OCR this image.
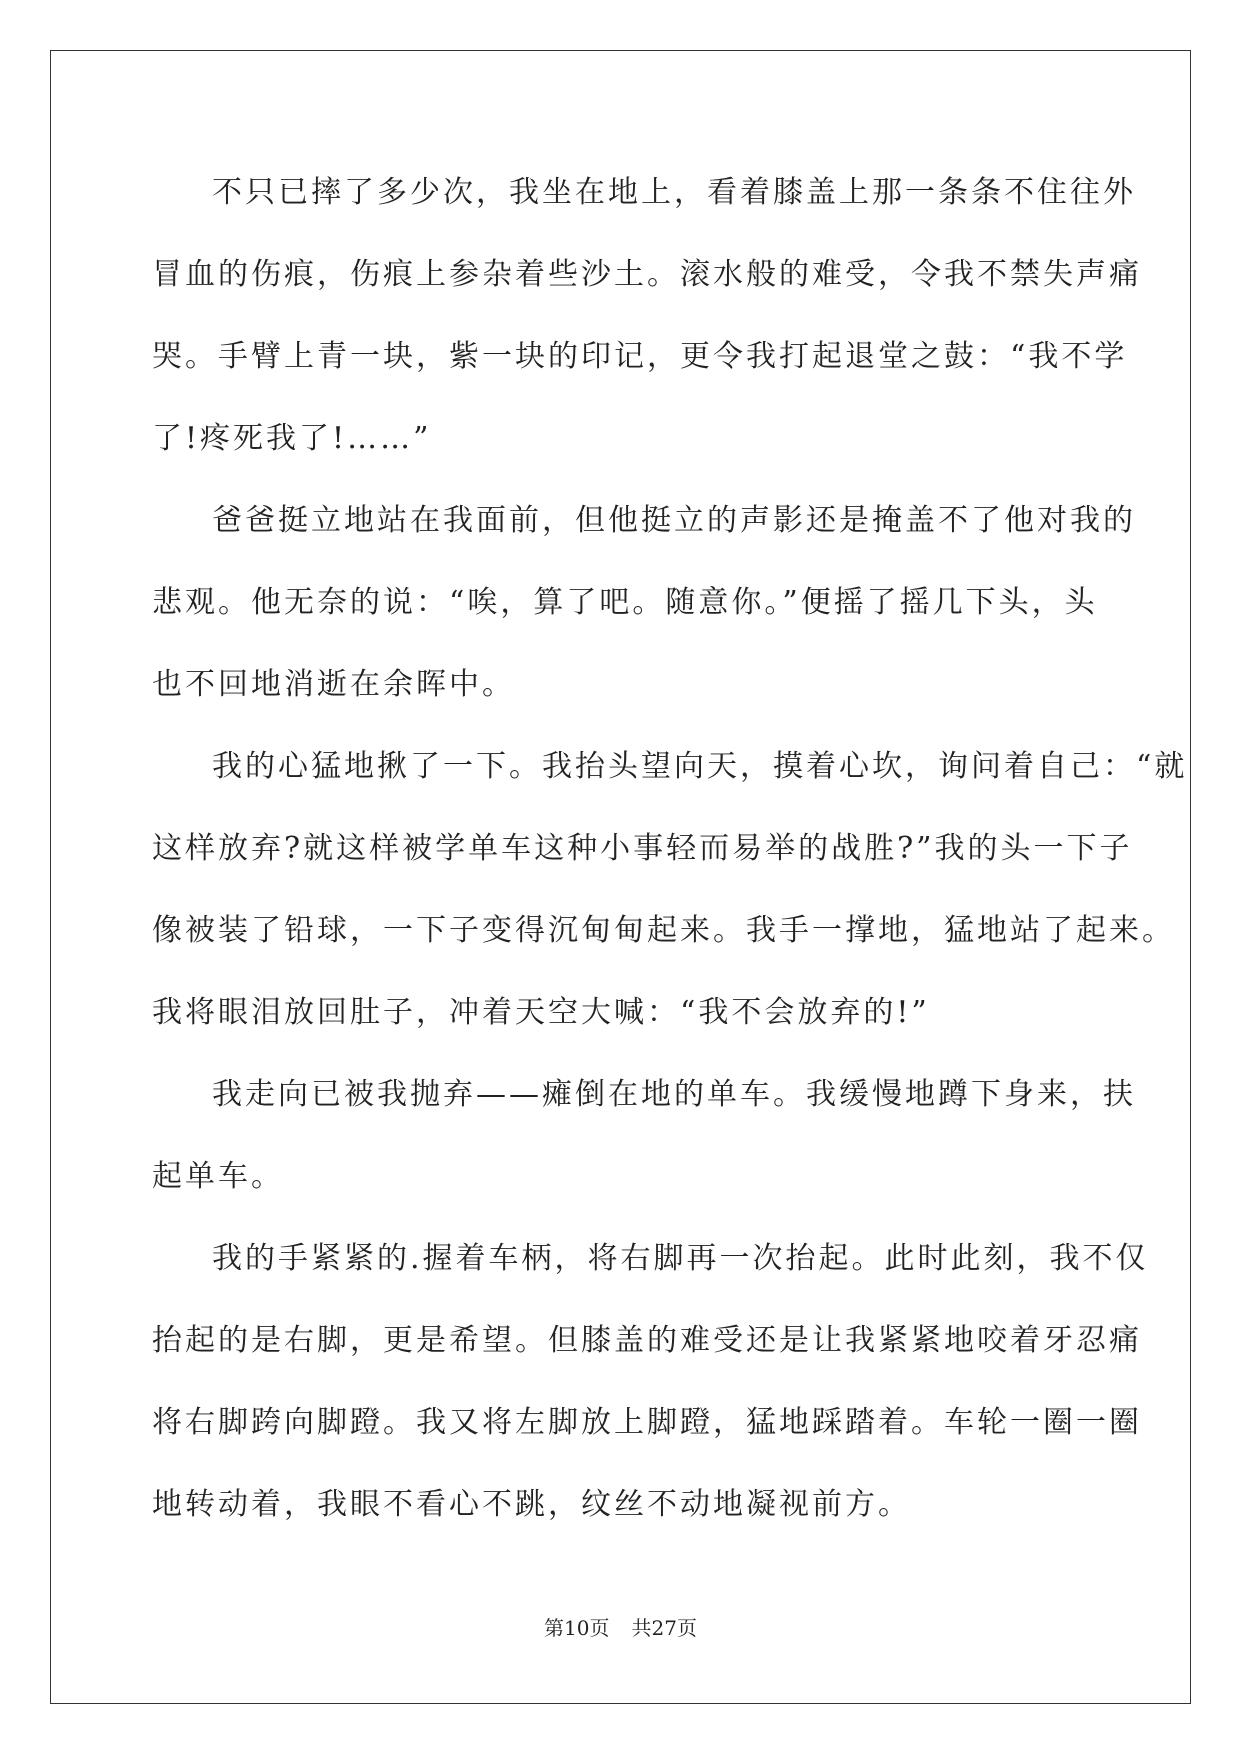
不只已摔了多少次，我坐在地上，看着膝盖上那一条条不住往外

冒血的伤痕，伤痕上参杂着些沙土。滚水般的难受，令我不禁失声痛

哭。手臂上青一块，紫一块的印记，更令我打起退堂之鼓：“我不学

了!疼死我了!……”

爸爸挺立地站在我面前，但他挺立的声影还是掩盖不了他对我的

悲观。他无奈的说：“唉，算了吧。随意你。”便摇了摇几下头，头

也不回地消逝在余晖中。

我的心猛地揪了一下。我抬头望向天，摸着心坎，询问着自己：“就

这样放弃?就这样被学单车这种小事轻而易举的战胜?”我的头一下子

像被装了铅球，一下子变得沉甸甸起来。我手一撑地，猛地站了起来。

我将眼泪放回肚子，冲着天空大喊：“我不会放弃的!”

我走向已被我抛弃——瘫倒在地的单车。我缓慢地蹲下身来，扶

起单车。

我的手紧紧的.握着车柄，将右脚再一次抬起。此时此刻，我不仅

抬起的是右脚，更是希望。但膝盖的难受还是让我紧紧地咬着牙忍痛

将右脚跨向脚蹬。我又将左脚放上脚蹬，猛地踩踏着。车轮一圈一圈

地转动着，我眼不看心不跳，纹丝不动地凝视前方。

第10页 共27页
